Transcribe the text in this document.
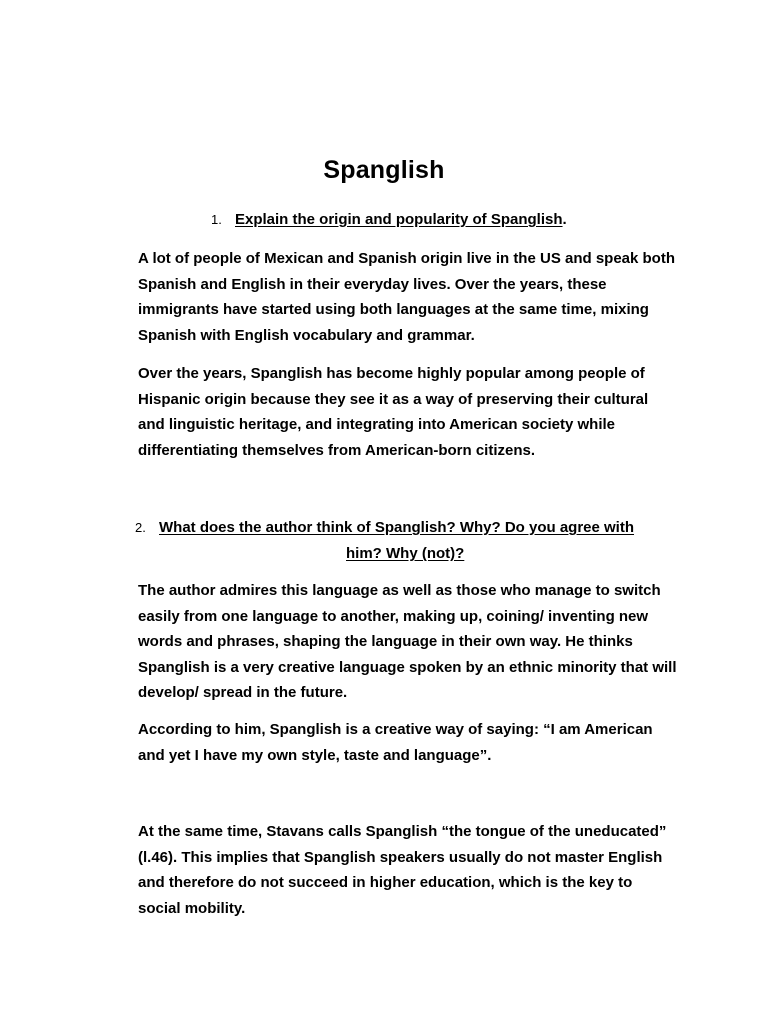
Spanglish
1. Explain the origin and popularity of Spanglish.

A lot of people of Mexican and Spanish origin live in the US and speak both Spanish and English in their everyday lives. Over the years, these immigrants have started using both languages at the same time, mixing Spanish with English vocabulary and grammar.

Over the years, Spanglish has become highly popular among people of Hispanic origin because they see it as a way of preserving their cultural and linguistic heritage, and integrating into American society while differentiating themselves from American-born citizens.

2. What does the author think of Spanglish? Why? Do you agree with
him? Why (not)?

The author admires this language as well as those who manage to switch easily from one language to another, making up, coining/ inventing new words and phrases, shaping the language in their own way. He thinks Spanglish is a very creative language spoken by an ethnic minority that will develop/ spread in the future.

According to him, Spanglish is a creative way of saying: “I am American and yet I have my own style, taste and language”.

At the same time, Stavans calls Spanglish “the tongue of the uneducated” (l.46). This implies that Spanglish speakers usually do not master English and therefore do not succeed in higher education, which is the key to social mobility.
